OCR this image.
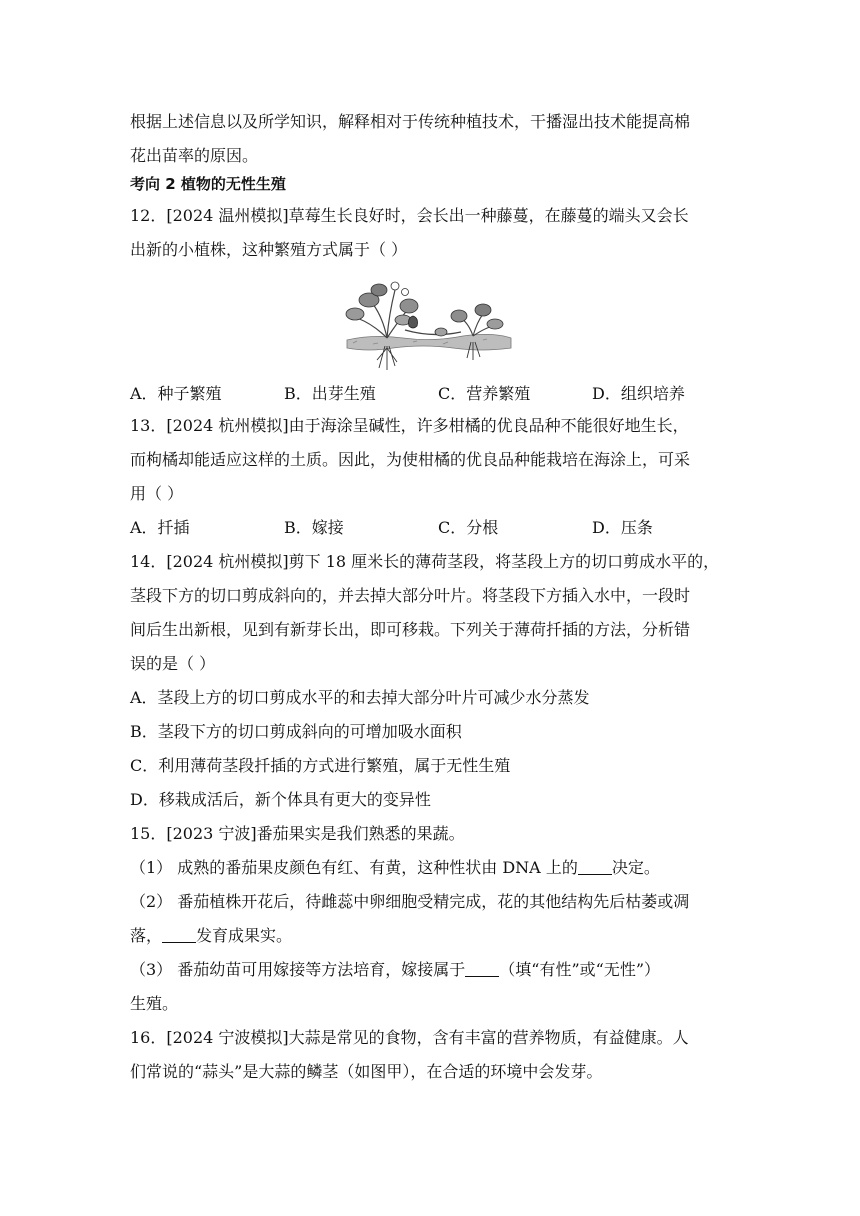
根据上述信息以及所学知识，解释相对于传统种植技术，干播湿出技术能提高棉
花出苗率的原因。
考向 2 植物的无性生殖
12．[2024 温州模拟]草莓生长良好时，会长出一种藤蔓，在藤蔓的端头又会长
出新的小植株，这种繁殖方式属于（ ）
A．种子繁殖	B．出芽生殖	C．营养繁殖	D．组织培养
13．[2024 杭州模拟]由于海涂呈碱性，许多柑橘的优良品种不能很好地生长，
而枸橘却能适应这样的土质。因此，为使柑橘的优良品种能栽培在海涂上，可采
用（ ）
A．扦插	B．嫁接	C．分根	D．压条
14．[2024 杭州模拟]剪下 18 厘米长的薄荷茎段，将茎段上方的切口剪成水平的，
茎段下方的切口剪成斜向的，并去掉大部分叶片。将茎段下方插入水中，一段时
间后生出新根，见到有新芽长出，即可移栽。下列关于薄荷扦插的方法，分析错
误的是（ ）
A．茎段上方的切口剪成水平的和去掉大部分叶片可减少水分蒸发
B．茎段下方的切口剪成斜向的可增加吸水面积
C．利用薄荷茎段扦插的方式进行繁殖，属于无性生殖
D．移栽成活后，新个体具有更大的变异性
15．[2023 宁波]番茄果实是我们熟悉的果蔬。
（1） 成熟的番茄果皮颜色有红、有黄，这种性状由 DNA 上的 决定。
（2） 番茄植株开花后，待雌蕊中卵细胞受精完成，花的其他结构先后枯萎或凋
落， 发育成果实。
（3） 番茄幼苗可用嫁接等方法培育，嫁接属于 （填“有性”或“无性”）
生殖。
16．[2024 宁波模拟]大蒜是常见的食物，含有丰富的营养物质，有益健康。人
们常说的“蒜头”是大蒜的鳞茎（如图甲），在合适的环境中会发芽。
